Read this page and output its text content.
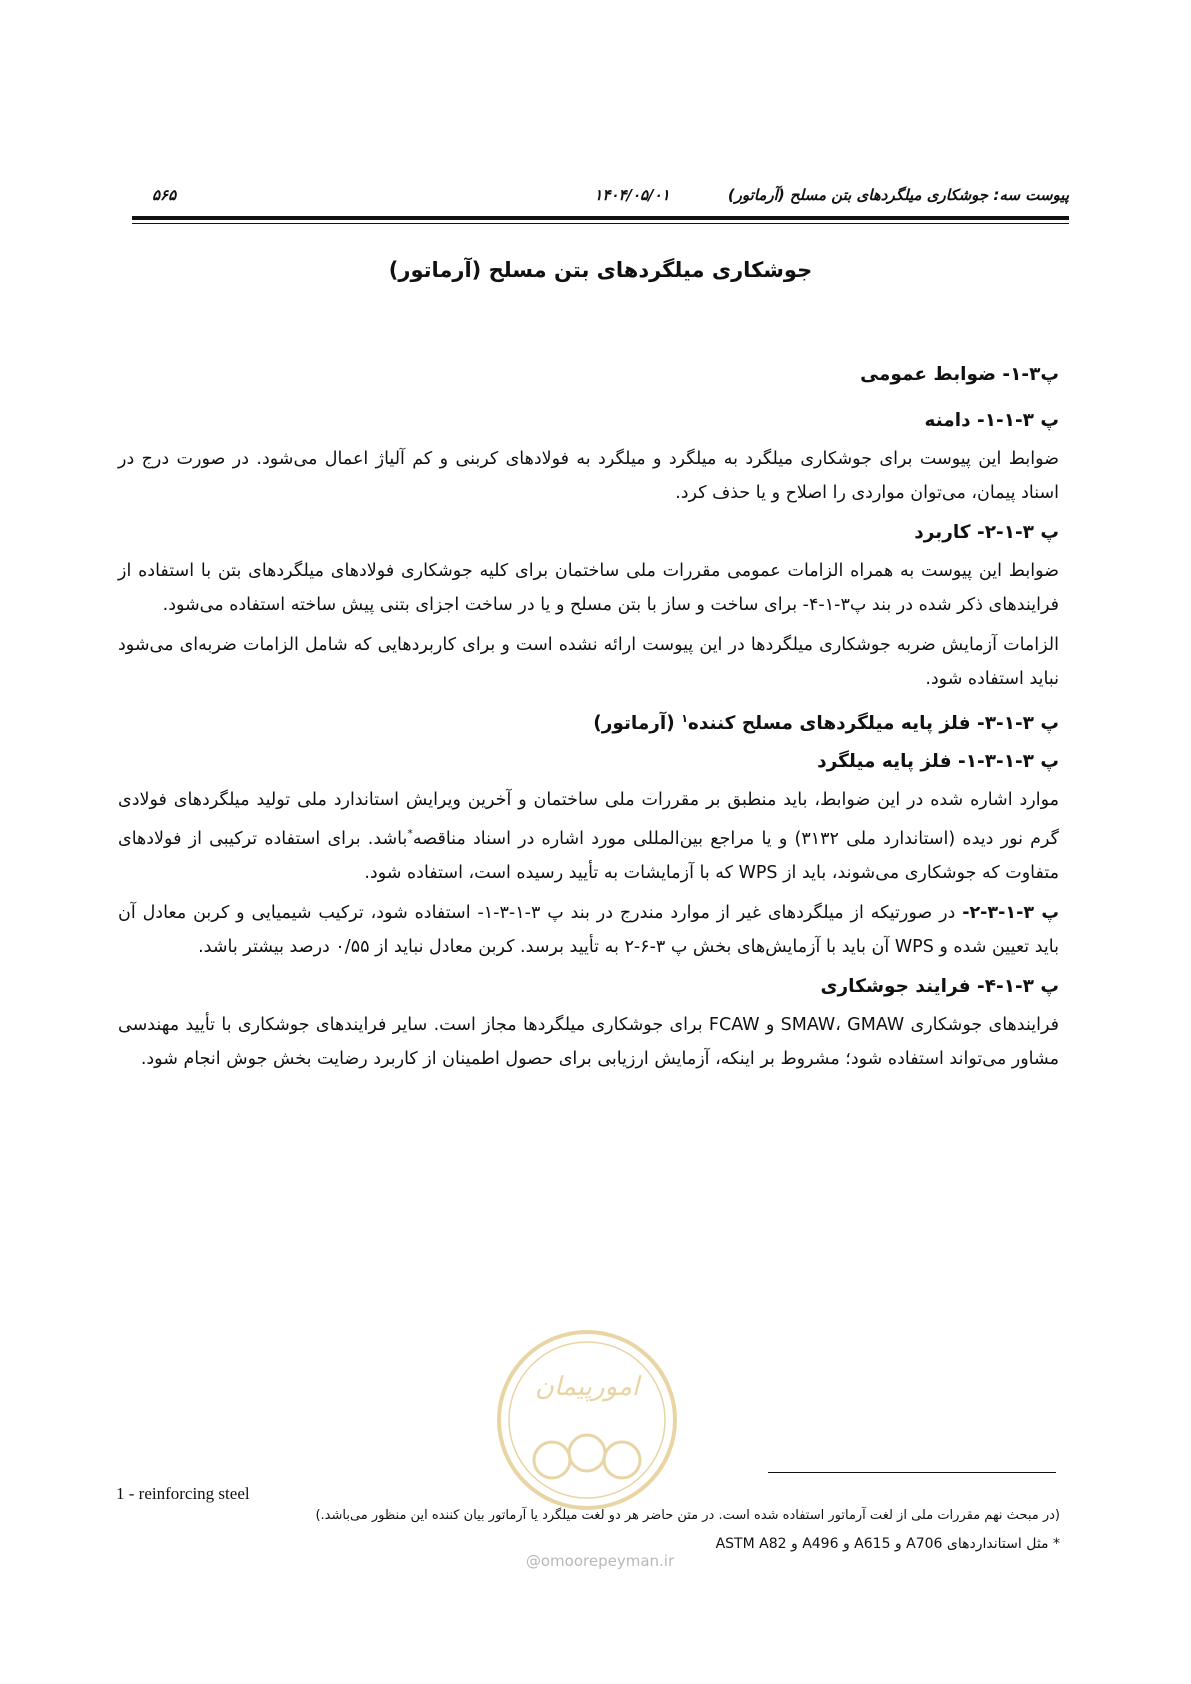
پیوست سه: جوشکاری میلگردهای بتن مسلح (آرماتور)
۱۴۰۴/۰۵/۰۱
۵۶۵
جوشکاری میلگردهای بتن مسلح (آرماتور)
پ۳-۱- ضوابط عمومی
پ ۳-۱-۱- دامنه
ضوابط این پیوست برای جوشکاری میلگرد به میلگرد و میلگرد به فولادهای کربنی و کم آلیاژ اعمال می‌شود. در صورت درج در اسناد پیمان، می‌توان مواردی را اصلاح و یا حذف کرد.
پ ۳-۱-۲- کاربرد
ضوابط این پیوست به همراه الزامات عمومی مقررات ملی ساختمان برای کلیه جوشکاری فولادهای میلگردهای بتن با استفاده از فرایندهای ذکر شده در بند پ۳-۱-۴- برای ساخت و ساز با بتن مسلح و یا در ساخت اجزای بتنی پیش ساخته استفاده می‌شود.
الزامات آزمایش ضربه جوشکاری میلگردها در این پیوست ارائه نشده است و برای کاربردهایی که شامل الزامات ضربه‌ای می‌شود نباید استفاده شود.
پ ۳-۱-۳- فلز پایه میلگردهای مسلح کننده$^۱$ (آرماتور)
پ ۳-۱-۳-۱- فلز پایه میلگرد
موارد اشاره شده در این ضوابط، باید منطبق بر مقررات ملی ساختمان و آخرین ویرایش استاندارد ملی تولید میلگردهای فولادی گرم نور دیده (استاندارد ملی ۳۱۳۲) و یا مراجع بین‌المللی مورد اشاره در اسناد مناقصه*باشد. برای استفاده ترکیبی از فولادهای متفاوت که جوشکاری می‌شوند، باید از WPS که با آزمایشات به تأیید رسیده است، استفاده شود.
پ ۳-۱-۳-۲- در صورتیکه از میلگردهای غیر از موارد مندرج در بند پ ۳-۱-۳-۱- استفاده شود، ترکیب شیمیایی و کربن معادل آن باید تعیین شده و WPS آن باید با آزمایش‌های بخش پ ۳-۶-۲ به تأیید برسد. کربن معادل نباید از ۰/۵۵ درصد بیشتر باشد.
پ ۳-۱-۴- فرایند جوشکاری
فرایندهای جوشکاری SMAW، GMAW و FCAW برای جوشکاری میلگردها مجاز است. سایر فرایندهای جوشکاری با تأیید مهندسی مشاور می‌تواند استفاده شود؛ مشروط بر اینکه، آزمایش ارزیابی برای حصول اطمینان از کاربرد رضایت بخش جوش انجام شود.
امورپیمان
@omoorepeyman.ir
1 - reinforcing steel
(در مبحث نهم مقررات ملی از لغت آرماتور استفاده شده است. در متن حاضر هر دو لغت میلگرد یا آرماتور بیان کننده این منظور می‌باشد.)
* مثل استانداردهای A706 و A615 و A496 و ASTM A82
